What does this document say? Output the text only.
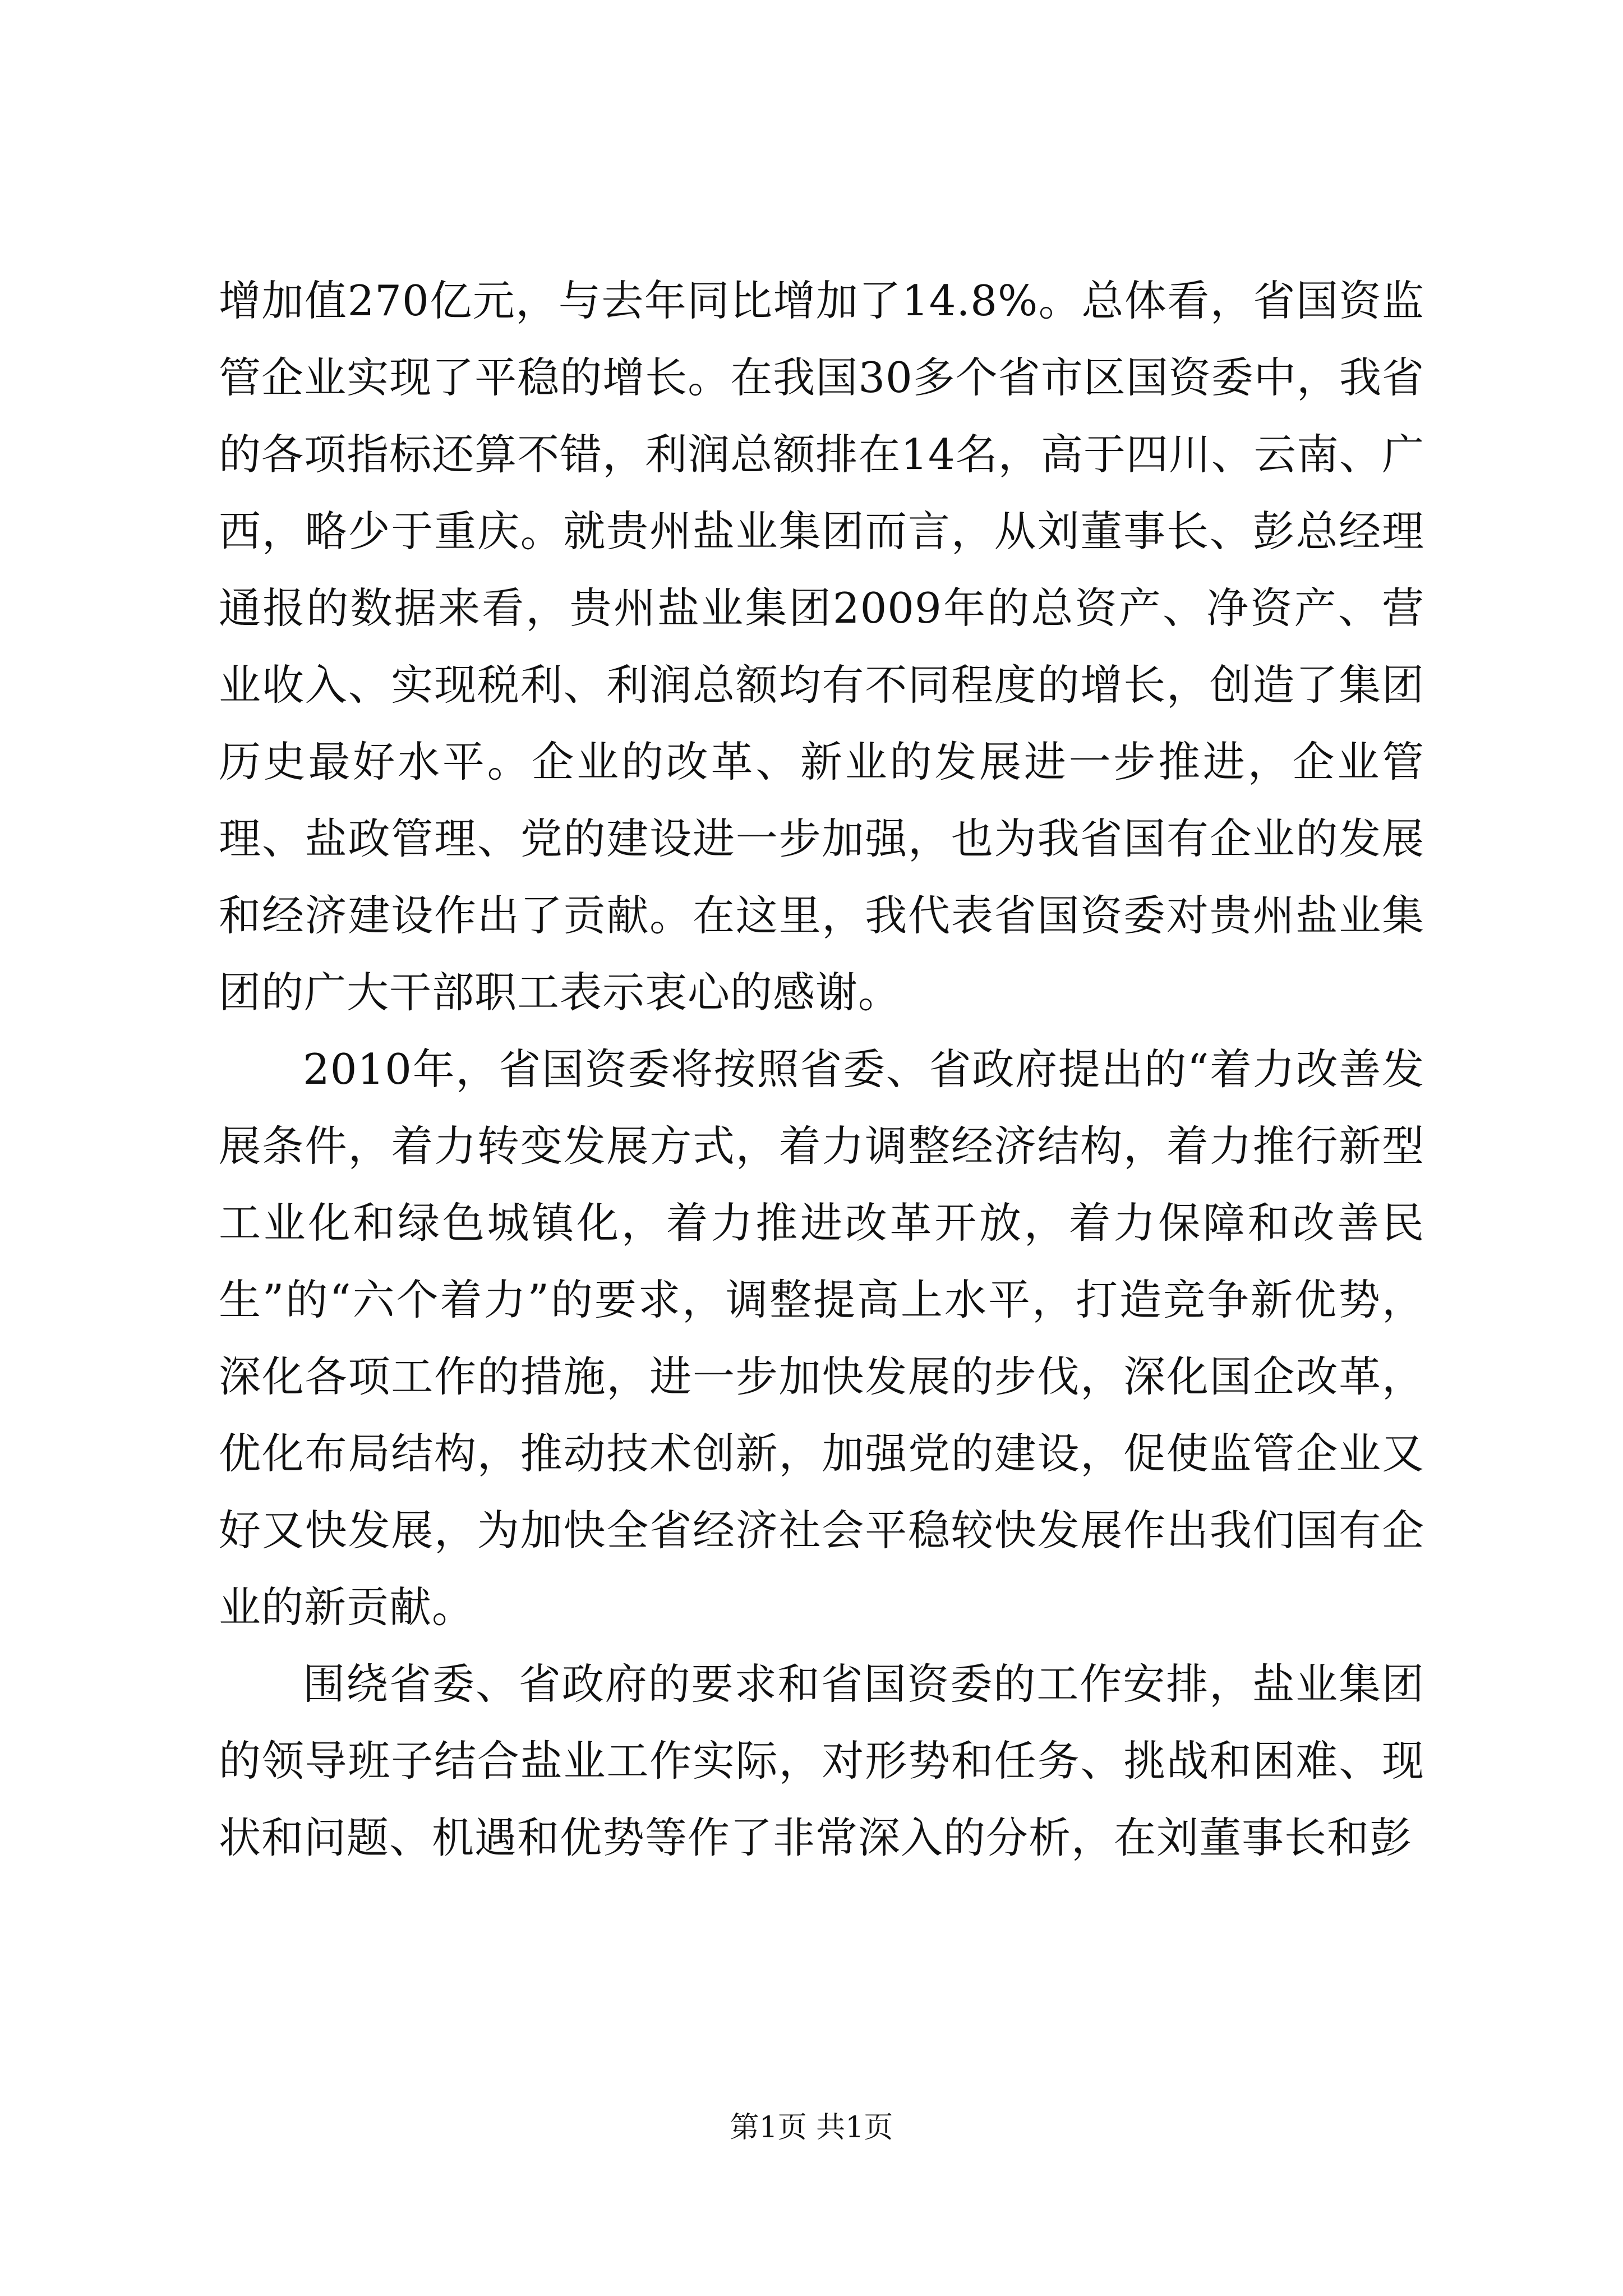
增加值270亿元，与去年同比增加了14.8%。总体看，省国资监管企业实现了平稳的增长。在我国30多个省市区国资委中，我省的各项指标还算不错，利润总额排在14名，高于四川、云南、广西，略少于重庆。就贵州盐业集团而言，从刘董事长、彭总经理通报的数据来看，贵州盐业集团2009年的总资产、净资产、营业收入、实现税利、利润总额均有不同程度的增长，创造了集团历史最好水平。企业的改革、新业的发展进一步推进，企业管理、盐政管理、党的建设进一步加强，也为我省国有企业的发展和经济建设作出了贡献。在这里，我代表省国资委对贵州盐业集团的广大干部职工表示衷心的感谢。

2010年，省国资委将按照省委、省政府提出的“着力改善发展条件，着力转变发展方式，着力调整经济结构，着力推行新型工业化和绿色城镇化，着力推进改革开放，着力保障和改善民生”的“六个着力”的要求，调整提高上水平，打造竞争新优势，深化各项工作的措施，进一步加快发展的步伐，深化国企改革，优化布局结构，推动技术创新，加强党的建设，促使监管企业又好又快发展，为加快全省经济社会平稳较快发展作出我们国有企业的新贡献。

围绕省委、省政府的要求和省国资委的工作安排，盐业集团的领导班子结合盐业工作实际，对形势和任务、挑战和困难、现状和问题、机遇和优势等作了非常深入的分析，在刘董事长和彭

第1页 共1页
